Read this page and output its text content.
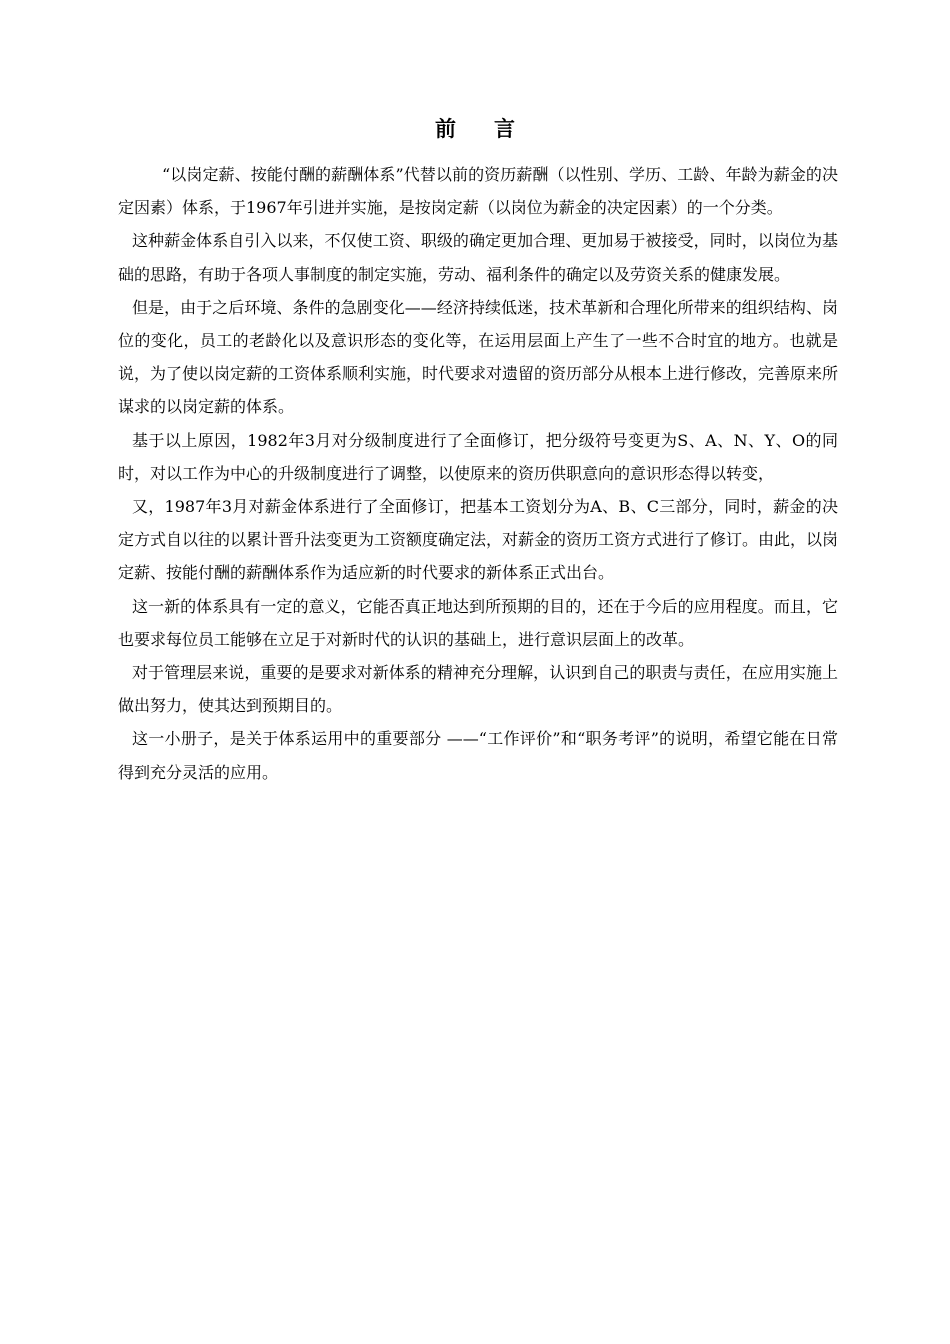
前言

“以岗定薪、按能付酬的薪酬体系”代替以前的资历薪酬（以性别、学历、工龄、年龄为薪金的决定因素）体系，于1967年引进并实施，是按岗定薪（以岗位为薪金的决定因素）的一个分类。

这种薪金体系自引入以来，不仅使工资、职级的确定更加合理、更加易于被接受，同时，以岗位为基础的思路，有助于各项人事制度的制定实施，劳动、福利条件的确定以及劳资关系的健康发展。

但是，由于之后环境、条件的急剧变化——经济持续低迷，技术革新和合理化所带来的组织结构、岗位的变化，员工的老龄化以及意识形态的变化等，在运用层面上产生了一些不合时宜的地方。也就是说，为了使以岗定薪的工资体系顺利实施，时代要求对遗留的资历部分从根本上进行修改，完善原来所谋求的以岗定薪的体系。

基于以上原因，1982年3月对分级制度进行了全面修订，把分级符号变更为S、A、N、Y、O的同时，对以工作为中心的升级制度进行了调整，以使原来的资历供职意向的意识形态得以转变，

又，1987年3月对薪金体系进行了全面修订，把基本工资划分为A、B、C三部分，同时，薪金的决定方式自以往的以累计晋升法变更为工资额度确定法，对薪金的资历工资方式进行了修订。由此，以岗定薪、按能付酬的薪酬体系作为适应新的时代要求的新体系正式出台。

这一新的体系具有一定的意义，它能否真正地达到所预期的目的，还在于今后的应用程度。而且，它也要求每位员工能够在立足于对新时代的认识的基础上，进行意识层面上的改革。

对于管理层来说，重要的是要求对新体系的精神充分理解，认识到自己的职责与责任，在应用实施上做出努力，使其达到预期目的。

这一小册子，是关于体系运用中的重要部分 ——“工作评价”和“职务考评”的说明，希望它能在日常得到充分灵活的应用。
